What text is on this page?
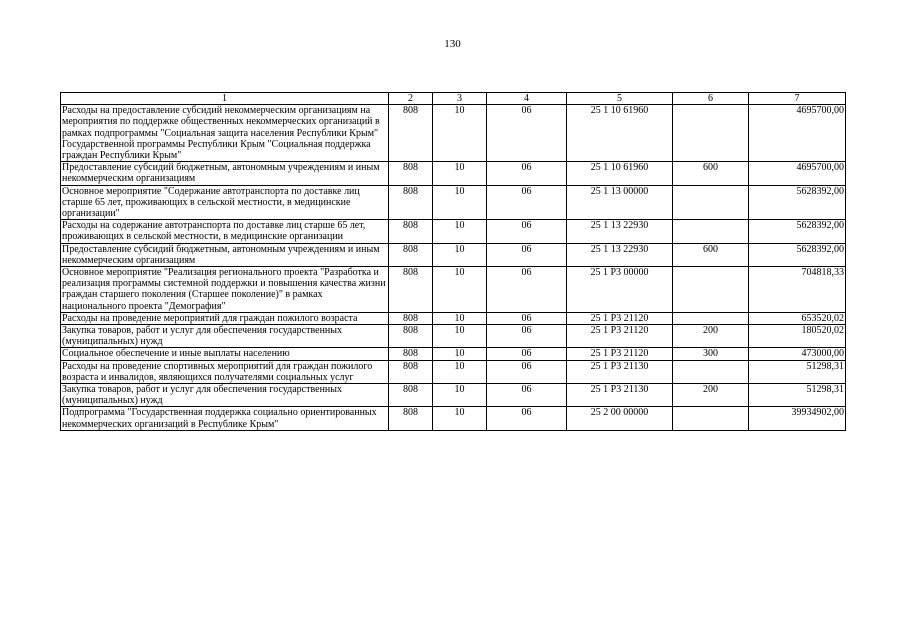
130
1	2	3	4	5	6	7
Расходы на предоставление субсидий некоммерческим организациям на мероприятия по поддержке общественных некоммерческих организаций в рамках подпрограммы "Социальная защита населения Республики Крым" Государственной программы Республики Крым "Социальная поддержка граждан Республики Крым"	808	10	06	25 1 10 61960		4695700,00
Предоставление субсидий бюджетным, автономным учреждениям и иным некоммерческим организациям	808	10	06	25 1 10 61960	600	4695700,00
Основное мероприятие "Содержание автотранспорта по доставке лиц старше 65 лет, проживающих в сельской местности, в медицинские организации"	808	10	06	25 1 13 00000		5628392,00
Расходы на содержание автотранспорта по доставке лиц старше 65 лет, проживающих в сельской местности, в медицинские организации	808	10	06	25 1 13 22930		5628392,00
Предоставление субсидий бюджетным, автономным учреждениям и иным некоммерческим организациям	808	10	06	25 1 13 22930	600	5628392,00
Основное мероприятие "Реализация регионального проекта "Разработка и реализация программы системной поддержки и повышения качества жизни граждан старшего поколения (Старшее поколение)" в рамках национального проекта "Демография"	808	10	06	25 1 P3 00000		704818,33
Расходы на проведение мероприятий для граждан пожилого возраста	808	10	06	25 1 P3 21120		653520,02
Закупка товаров, работ и услуг для обеспечения государственных (муниципальных) нужд	808	10	06	25 1 P3 21120	200	180520,02
Социальное обеспечение и иные выплаты населению	808	10	06	25 1 P3 21120	300	473000,00
Расходы на проведение спортивных мероприятий для граждан пожилого возраста и инвалидов, являющихся получателями социальных услуг	808	10	06	25 1 P3 21130		51298,31
Закупка товаров, работ и услуг для обеспечения государственных (муниципальных) нужд	808	10	06	25 1 P3 21130	200	51298,31
Подпрограмма "Государственная поддержка социально ориентированных некоммерческих организаций в Республике Крым"	808	10	06	25 2 00 00000		39934902,00
